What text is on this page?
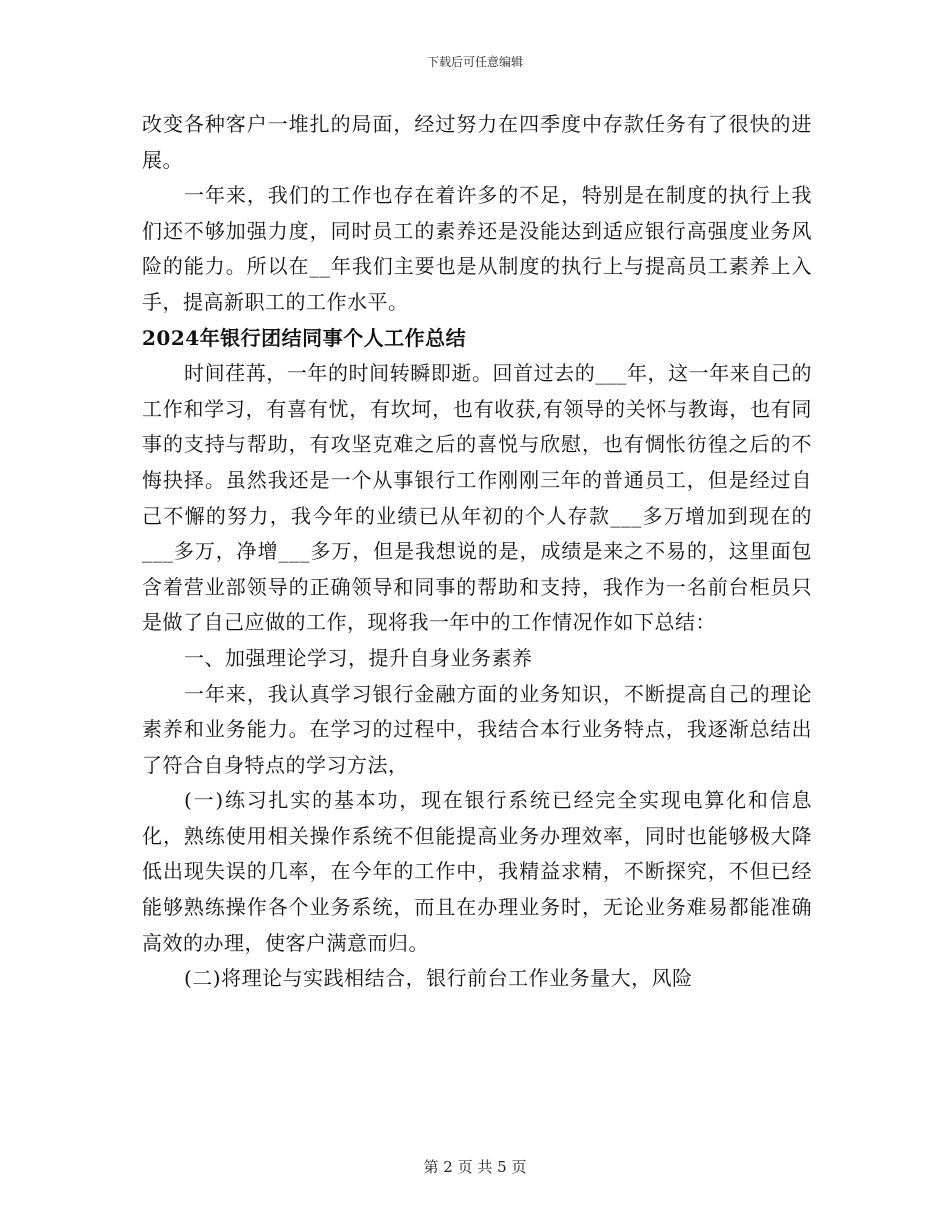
下载后可任意编辑

改变各种客户一堆扎的局面，经过努力在四季度中存款任务有了很快的进展。

一年来，我们的工作也存在着许多的不足，特别是在制度的执行上我们还不够加强力度，同时员工的素养还是没能达到适应银行高强度业务风险的能力。所以在__年我们主要也是从制度的执行上与提高员工素养上入手，提高新职工的工作水平。

2024年银行团结同事个人工作总结

时间荏苒，一年的时间转瞬即逝。回首过去的___年，这一年来自己的工作和学习，有喜有忧，有坎坷，也有收获,有领导的关怀与教诲，也有同事的支持与帮助，有攻坚克难之后的喜悦与欣慰，也有惆怅彷徨之后的不悔抉择。虽然我还是一个从事银行工作刚刚三年的普通员工，但是经过自己不懈的努力，我今年的业绩已从年初的个人存款___多万增加到现在的___多万，净增___多万，但是我想说的是，成绩是来之不易的，这里面包含着营业部领导的正确领导和同事的帮助和支持，我作为一名前台柜员只是做了自己应做的工作，现将我一年中的工作情况作如下总结：

一、加强理论学习，提升自身业务素养

一年来，我认真学习银行金融方面的业务知识，不断提高自己的理论素养和业务能力。在学习的过程中，我结合本行业务特点，我逐渐总结出了符合自身特点的学习方法，

(一)练习扎实的基本功，现在银行系统已经完全实现电算化和信息化，熟练使用相关操作系统不但能提高业务办理效率，同时也能够极大降低出现失误的几率，在今年的工作中，我精益求精，不断探究，不但已经能够熟练操作各个业务系统，而且在办理业务时，无论业务难易都能准确高效的办理，使客户满意而归。

(二)将理论与实践相结合，银行前台工作业务量大，风险

第 2 页 共 5 页
